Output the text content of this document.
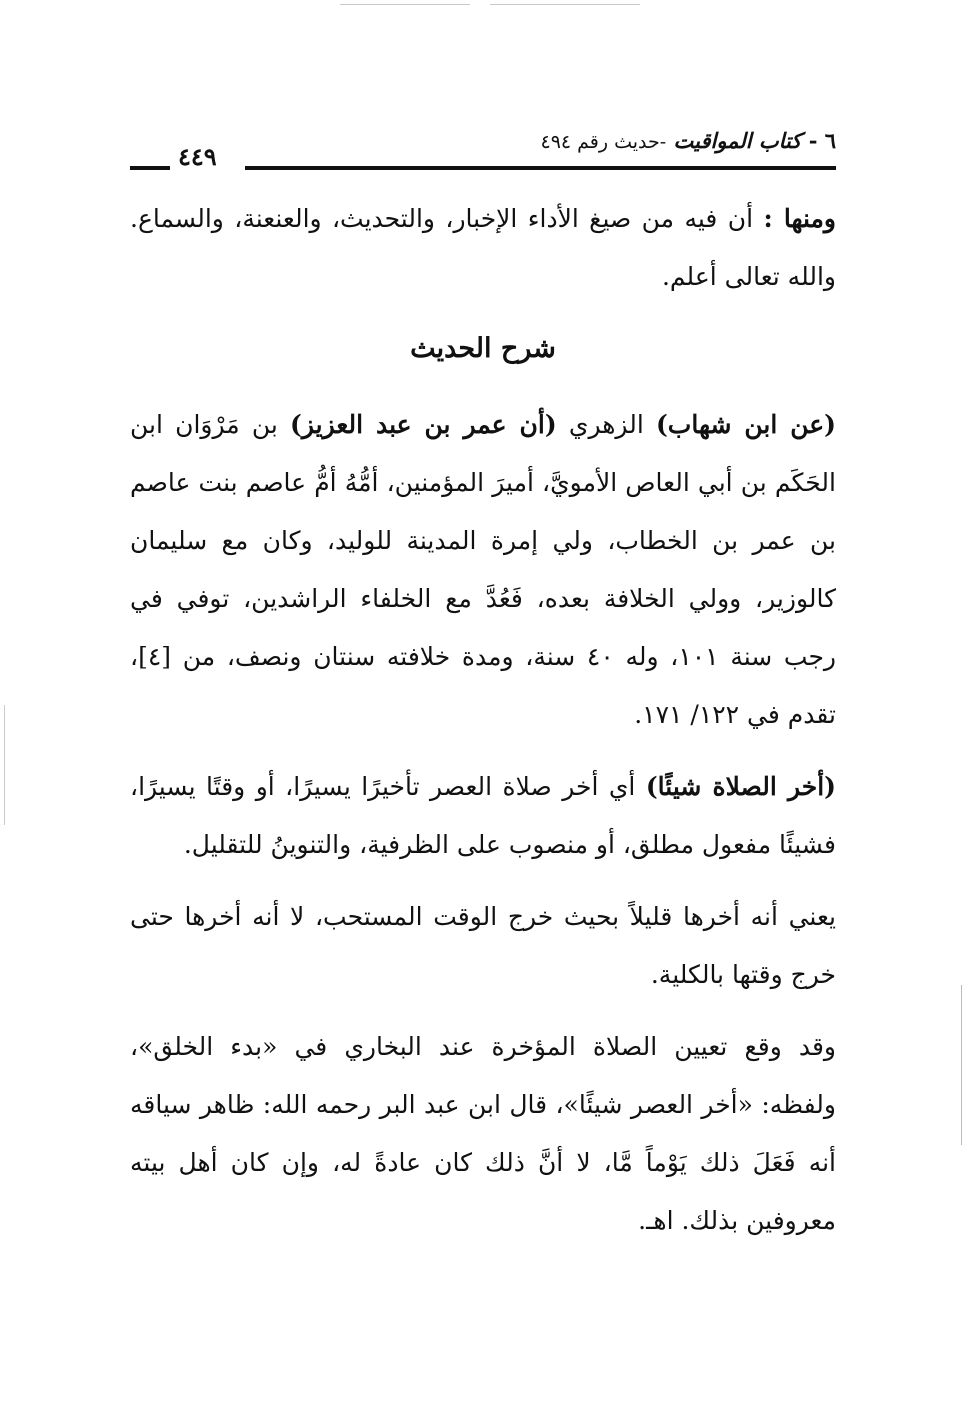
٦ - كتاب المواقيت -حديث رقم ٤٩٤
٤٤٩

ومنها : أن فيه من صيغ الأداء الإخبار، والتحديث، والعنعنة، والسماع. والله تعالى أعلم.

شرح الحديث

(عن ابن شهاب) الزهري (أن عمر بن عبد العزيز) بن مَرْوَان ابن الحَكَم بن أبي العاص الأمويَّ، أميرَ المؤمنين، أمُّهُ أمُّ عاصم بنت عاصم بن عمر بن الخطاب، ولي إمرة المدينة للوليد، وكان مع سليمان كالوزير، وولي الخلافة بعده، فَعُدَّ مع الخلفاء الراشدين، توفي في رجب سنة ١٠١، وله ٤٠ سنة، ومدة خلافته سنتان ونصف، من [٤]، تقدم في ١٢٢/ ١٧١.

(أخر الصلاة شيئًا) أي أخر صلاة العصر تأخيرًا يسيرًا، أو وقتًا يسيرًا، فشيئًا مفعول مطلق، أو منصوب على الظرفية، والتنوينُ للتقليل.

يعني أنه أخرها قليلاً بحيث خرج الوقت المستحب، لا أنه أخرها حتى خرج وقتها بالكلية.

وقد وقع تعيين الصلاة المؤخرة عند البخاري في «بدء الخلق»، ولفظه: «أخر العصر شيئًا»، قال ابن عبد البر رحمه الله: ظاهر سياقه أنه فَعَلَ ذلك يَوْماً مَّا، لا أنَّ ذلك كان عادةً له، وإن كان أهل بيته معروفين بذلك. اهـ.
